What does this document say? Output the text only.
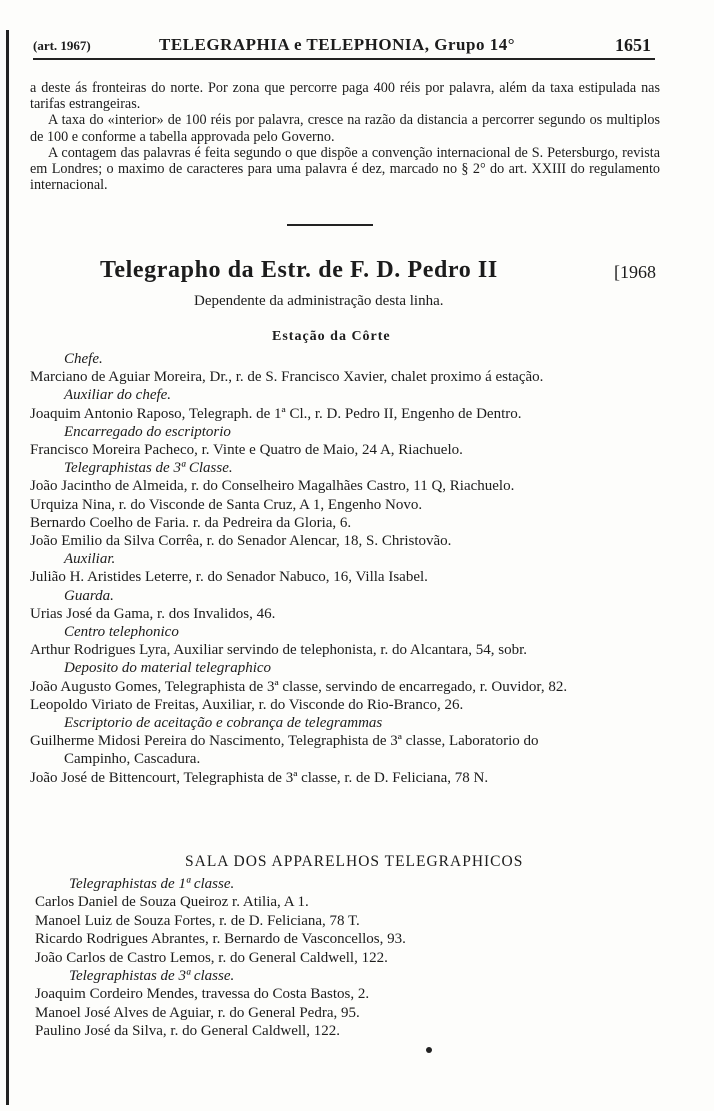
(art. 1967)	TELEGRAPHIA e TELEPHONIA, Grupo 14°	1651

a deste ás fronteiras do norte. Por zona que percorre paga 400 réis por palavra, além da taxa estipulada nas tarifas estrangeiras.

A taxa do «interior» de 100 réis por palavra, cresce na razão da distancia a percorrer segundo os multiplos de 100 e conforme a tabella approvada pelo Governo.

A contagem das palavras é feita segundo o que dispõe a convenção internacional de S. Petersburgo, revista em Londres; o maximo de caracteres para uma palavra é dez, marcado no § 2° do art. XXIII do regulamento internacional.

Telegrapho da Estr. de F. D. Pedro II	[1968
Dependente da administração desta linha.
Estação da Côrte
Chefe.
Marciano de Aguiar Moreira, Dr., r. de S. Francisco Xavier, chalet proximo á estação.
Auxiliar do chefe.
Joaquim Antonio Raposo, Telegraph. de 1ª Cl., r. D. Pedro II, Engenho de Dentro.
Encarregado do escriptorio
Francisco Moreira Pacheco, r. Vinte e Quatro de Maio, 24 A, Riachuelo.
Telegraphistas de 3ª Classe.
João Jacintho de Almeida, r. do Conselheiro Magalhães Castro, 11 Q, Riachuelo.
Urquiza Nina, r. do Visconde de Santa Cruz, A 1, Engenho Novo.
Bernardo Coelho de Faria. r. da Pedreira da Gloria, 6.
João Emilio da Silva Corrêa, r. do Senador Alencar, 18, S. Christovão.
Auxiliar.
Julião H. Aristides Leterre, r. do Senador Nabuco, 16, Villa Isabel.
Guarda.
Urias José da Gama, r. dos Invalidos, 46.
Centro telephonico
Arthur Rodrigues Lyra, Auxiliar servindo de telephonista, r. do Alcantara, 54, sobr.
Deposito do material telegraphico
João Augusto Gomes, Telegraphista de 3ª classe, servindo de encarregado, r. Ouvidor, 82.
Leopoldo Viriato de Freitas, Auxiliar, r. do Visconde do Rio-Branco, 26.
Escriptorio de aceitação e cobrança de telegrammas
Guilherme Midosi Pereira do Nascimento, Telegraphista de 3ª classe, Laboratorio do
Campinho, Cascadura.
João José de Bittencourt, Telegraphista de 3ª classe, r. de D. Feliciana, 78 N.
SALA DOS APPARELHOS TELEGRAPHICOS
Telegraphistas de 1ª classe.
Carlos Daniel de Souza Queiroz r. Atilia, A 1.
Manoel Luiz de Souza Fortes, r. de D. Feliciana, 78 T.
Ricardo Rodrigues Abrantes, r. Bernardo de Vasconcellos, 93.
João Carlos de Castro Lemos, r. do General Caldwell, 122.
Telegraphistas de 3ª classe.
Joaquim Cordeiro Mendes, travessa do Costa Bastos, 2.
Manoel José Alves de Aguiar, r. do General Pedra, 95.
Paulino José da Silva, r. do General Caldwell, 122.
